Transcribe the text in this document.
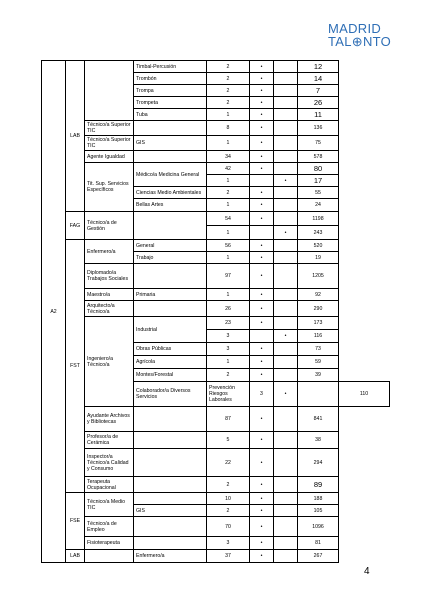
MADRID
TAL⊕NTO
A2	LAB		Timbal-Percusión	2	•		12	
			Trombón	2	•		14	
			Trompa	2	•		7	
			Trompeta	2	•		26	
			Tuba	1	•		11	
		Técnico/a Superior TIC		8	•		136	
		Técnico/a Superior TIC	GIS	1	•		75	
		Agente Igualdad		34	•		578	
		Tit. Sup. Servicios Específicos	Médico/a Medicina General	42	•		80	
				1		•	17	
			Ciencias Medio Ambientales	2	•		55	
			Bellas Artes	1	•		24	
	FAG	Técnico/a de Gestión		54	•		1198	
				1		•	243	
	FST	Enfermero/a	General	56	•		520	
			Trabajo	1	•		19	
		Diplomado/a Trabajos Sociales		97	•		1205	
		Maestro/a	Primaria	1	•		92	
		Arquitecto/a Técnico/a		26	•		290	
		Ingeniero/a Técnico/a	Industrial	23	•		173	
				3		•	116	
			Obras Públicas	3	•		73	
			Agrícola	1	•		59	
			Montes/Forestal	2	•		39	
			Colaborador/a Diversos Servicios	Prevención Riesgos Laborales	3	•		110
		Ayudante Archivos y Bibliotecas		87	•		841	
		Profesor/a de Cerámica		5	•		38	
		Inspector/a Técnico/a Calidad y Consumo		22	•		294	
		Terapeuta Ocupacional		2	•		89	
	FSE	Técnico/a Medio TIC		10	•		188	
			GIS	2	•		105	
		Técnico/a de Empleo		70	•		1096	
		Fisioterapeuta		3	•		81	
	LAB		Enfermero/a	37	•		267	
4
